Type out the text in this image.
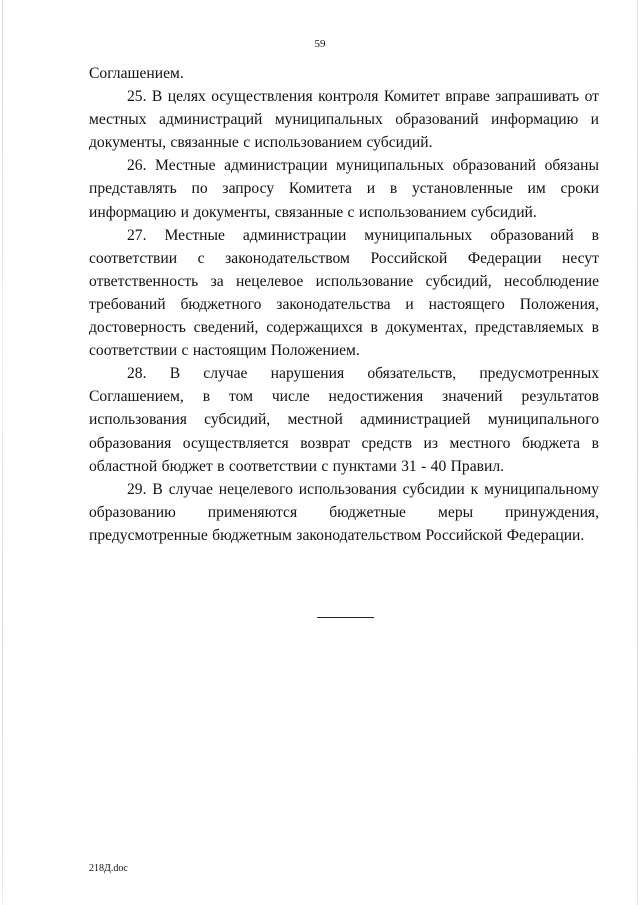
59

Соглашением.

25. В целях осуществления контроля Комитет вправе запрашивать от местных администраций муниципальных образований информацию и документы, связанные с использованием субсидий.

26. Местные администрации муниципальных образований обязаны представлять по запросу Комитета и в установленные им сроки информацию и документы, связанные с использованием субсидий.

27. Местные администрации муниципальных образований в соответствии с законодательством Российской Федерации несут ответственность за нецелевое использование субсидий, несоблюдение требований бюджетного законодательства и настоящего Положения, достоверность сведений, содержащихся в документах, представляемых в соответствии с настоящим Положением.

28. В случае нарушения обязательств, предусмотренных Соглашением, в том числе недостижения значений результатов использования субсидий, местной администрацией муниципального образования осуществляется возврат средств из местного бюджета в областной бюджет в соответствии с пунктами 31 - 40 Правил.

29. В случае нецелевого использования субсидии к муниципальному образованию применяются бюджетные меры принуждения, предусмотренные бюджетным законодательством Российской Федерации.

218Д.doc
